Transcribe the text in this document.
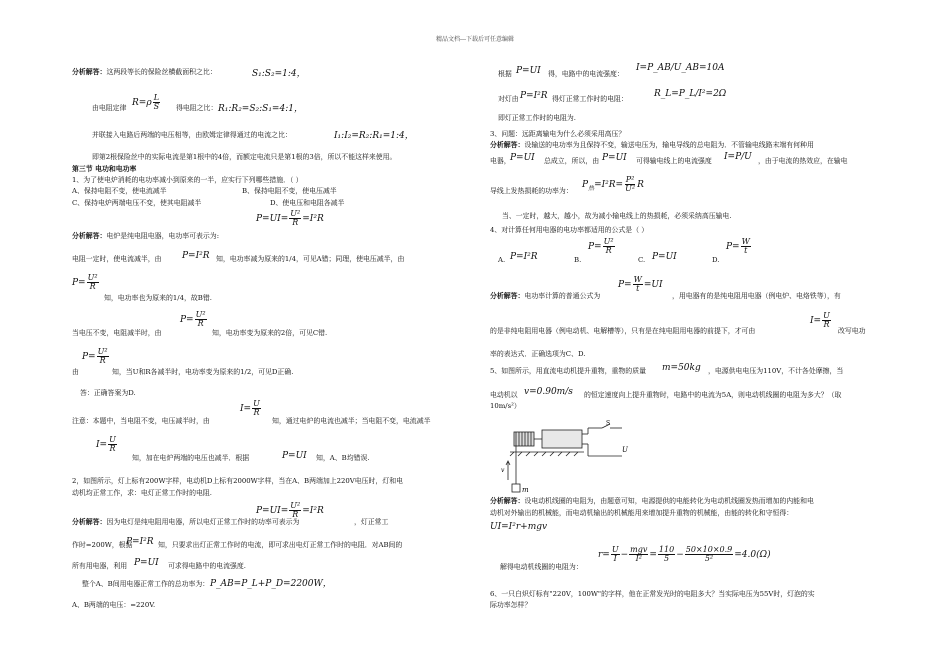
精品文档---下载后可任意编辑
分析解答：这两段等长的保险丝横截面积之比：	S₁:S₂=1:4，
由电阻定律 $R=\rho \frac{L}{S}$ 得电阻之比： R₁:R₂=S₂:S₁=4:1，
并联接入电路后两端的电压相等，由欧姆定律得通过的电流之比：	I₁:I₂=R₂:R₁=1:4，
即第2根保险丝中的实际电流是第1根中的4倍，而额定电流只是第1根的3倍，所以不能这样来使用。
第三节 电功和电功率
1、为了使电炉消耗的电功率减小到原来的一半，应实行下列哪些措施．（ ）
A、保持电阻不变，使电流减半	B、保持电阻不变，使电压减半
C、保持电炉两端电压不变，使其电阻减半	D、使电压和电阻各减半
$P=UI= \frac{\text{U²}}{R} =I^2R$
分析解答：电炉是纯电阻电器，电功率可表示为:
电阻一定时，使电流减半，由 P=I²R 知，电功率减为原来的1/4，可见A错；同理，使电压减半，由
$P= \frac{\text{U²}}{R}$
知，电功率也为原来的1/4，故B错.
当电压不变，电阻减半时，由
$P= \frac{\text{U²}}{R}$
知，电功率变为原来的2倍，可见C错.
$P= \frac{\text{U²}}{R}$
由	知，当U和R各减半时，电功率变为原来的1/2，可见D正确.
答：正确答案为D.
注意：本题中，当电阻不变，电压减半时，由
$I= \frac{U}{R}$
知，通过电炉的电流也减半；当电阻不变，电流减半
$I= \frac{U}{R}$
知，加在电炉两端的电压也减半．根据	P=UI 知，A、B均错误.
2，如图所示，灯上标有200W字样，电动机D上标有2000W字样，当在A、B两端加上220V电压时，灯和电
动机均正常工作，求：电灯正常工作时的电阻.
分析解答：因为电灯是纯电阻用电器，所以电灯正常工作时的功率可表示为
$P=UI= \frac{\text{U²}}{R} =I^2R$
，灯正常工
作时=200W，根据
P=I²R 知，只要求出灯正常工作时的电流，即可求出电灯正常工作时的电阻．对AB间的
所有用电器，利用 P=UI 可求得电路中的电流强度.
整个A、B间用电器正常工作的总功率为： P_AB=P_L+P_D=2200W，
A、B两端的电压：=220V.
根据 P=UI 得，电路中的电流强度：
I=P_AB/U_AB=10A
对灯由 P=I²R 得灯正常工作时的电阻：	R_L=P_L/I²=2Ω
即灯正常工作时的电阻为.
3、问题：远距离输电为什么必须采用高压？
分析解答：设输送的电功率为且保持不变，输送电压为，输电导线的总电阻为．不管输电线路末端有何种用
电器， P=UI 总成立，所以，由 P=UI 可得输电线上的电流强度 I=P/U ，由于电流的热效应，在输电
导线上发热损耗的功率为：
$P_热=I^2R= \frac{\text{P²}}{\text{U²}}$ R
当、一定时，越大，越小，故为减小输电线上的热损耗，必须采纳高压输电.
4、对计算任何用电器的电功率都适用的公式是（ ）
A. P=I²R	B.
$P= \frac{\text{U²}}{R}$
C. P=UI	D.
$P= \frac{W}{t}$
分析解答：电功率计算的普通公式为
$P= \frac{W}{t} =UI$
，用电器有的是纯电阻用电器（例电炉、电烙铁等），有
的是非纯电阻用电器（例电动机、电解槽等），只有是在纯电阻用电器的前提下，才可由
$I= \frac{U}{R}$
改写电功
率的表达式．正确选项为C、D.
5、如图所示，用直流电动机提升重物，重物的质量 m=50kg ，电源供电电压为110V，不计各处摩擦，当
电动机以 v=0.90m/s 的恒定速度向上提升重物时，电路中的电流为5A，则电动机线圈的电阻为多大？（取
10m/s²）
分析解答：设电动机线圈的电阻为，由题意可知，电源提供的电能转化为电动机线圈发热而增加的内能和电
动机对外输出的机械能，而电动机输出的机械能用来增加提升重物的机械能，由能的转化和守恒得：
UI=I²r+mgv
解得电动机线圈的电阻为：
$r= \frac{U}{I} - \frac{\text{mgv}}{\text{I²}} = \frac{110}{5} - \frac{50\times 10\times 0.9}{\text{5²}} =4.0(\Omega)$
6、一只白炽灯标有"220V，100W"的字样，他在正常发光时的电阻多大？当实际电压为55V时，灯泡的实
际功率怎样？
U
S
v
m
